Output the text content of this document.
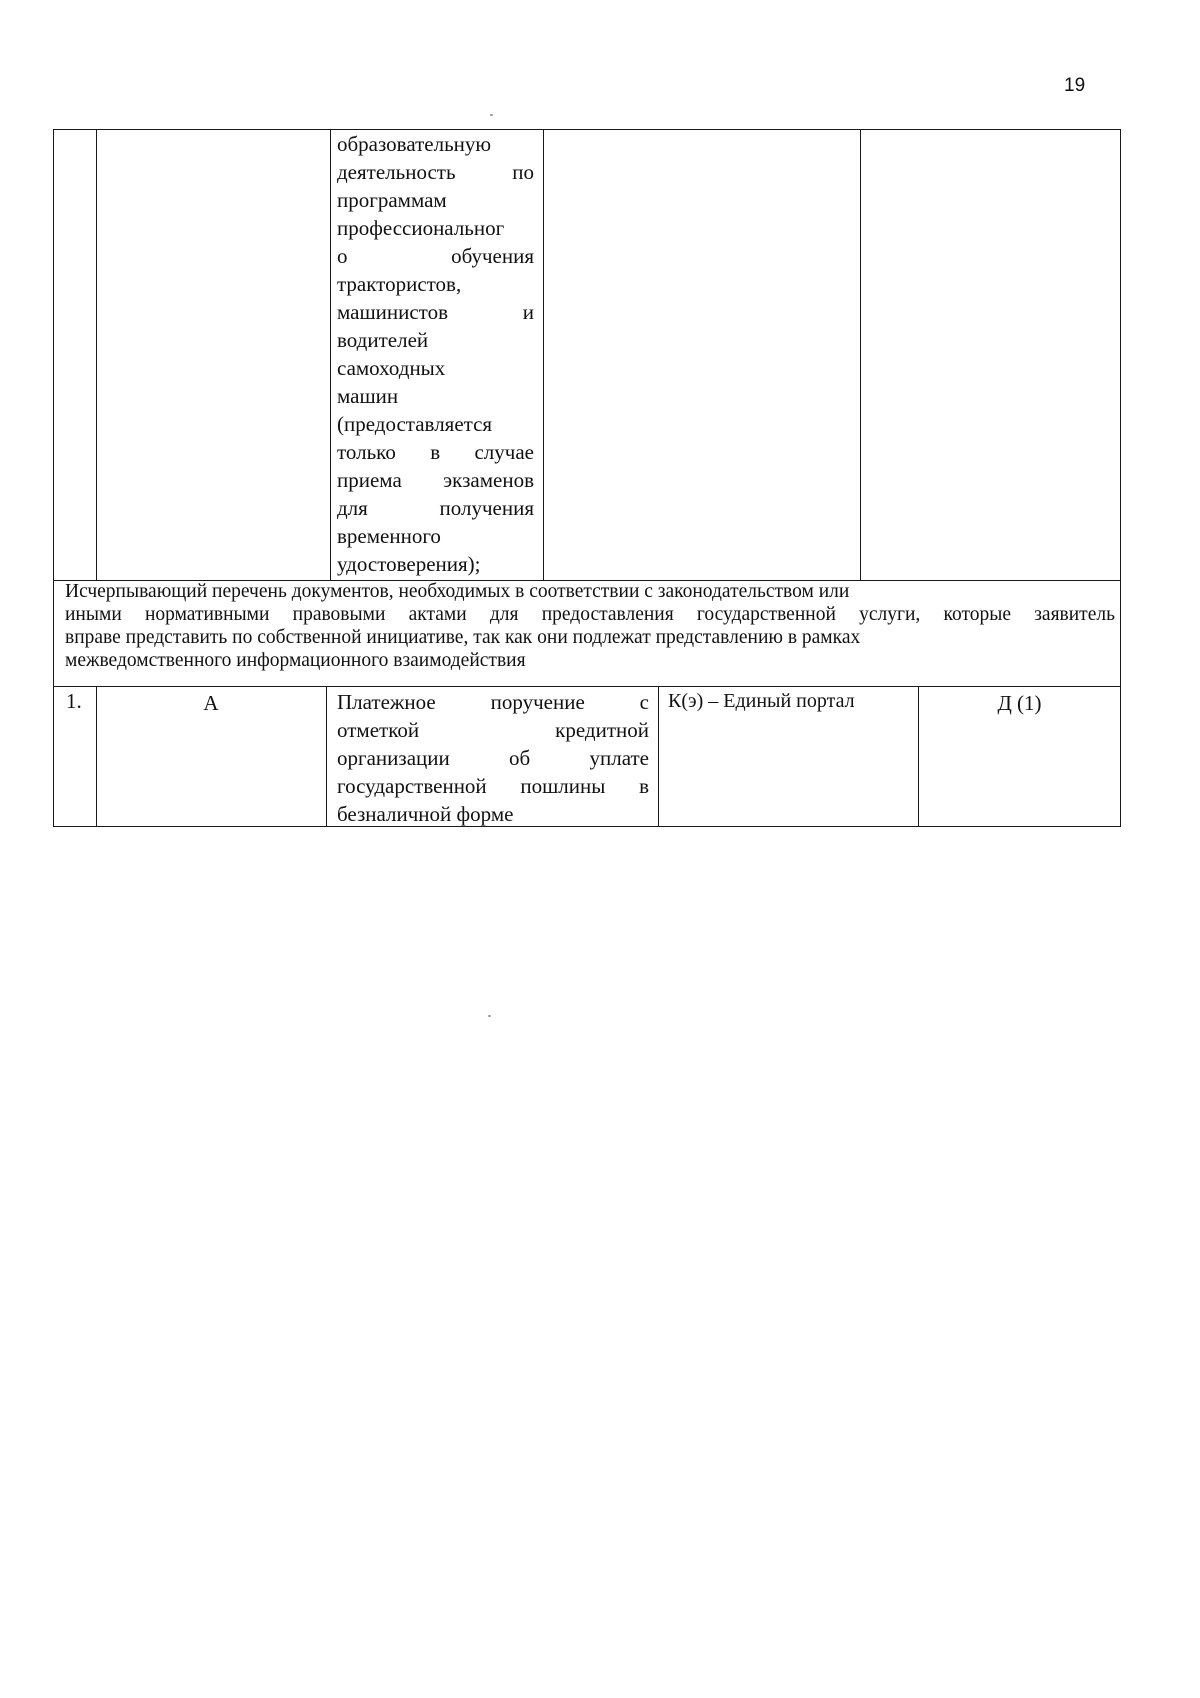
19
образовательную
деятельность по
программам
профессиональног
о обучения
трактористов,
машинистов и
водителей
самоходных
машин
(предоставляется
только в случае
приема экзаменов
для получения
временного
удостоверения);
Исчерпывающий перечень документов, необходимых в соответствии с законодательством или
иными нормативными правовыми актами для предоставления государственной услуги, которые заявитель
вправе представить по собственной инициативе, так как они подлежат представлению в рамках
межведомственного информационного взаимодействия
1.	А	Платежное поручение с
отметкой кредитной
организации об уплате
государственной пошлины в
безналичной форме
К(э) – Единый портал	Д (1)
